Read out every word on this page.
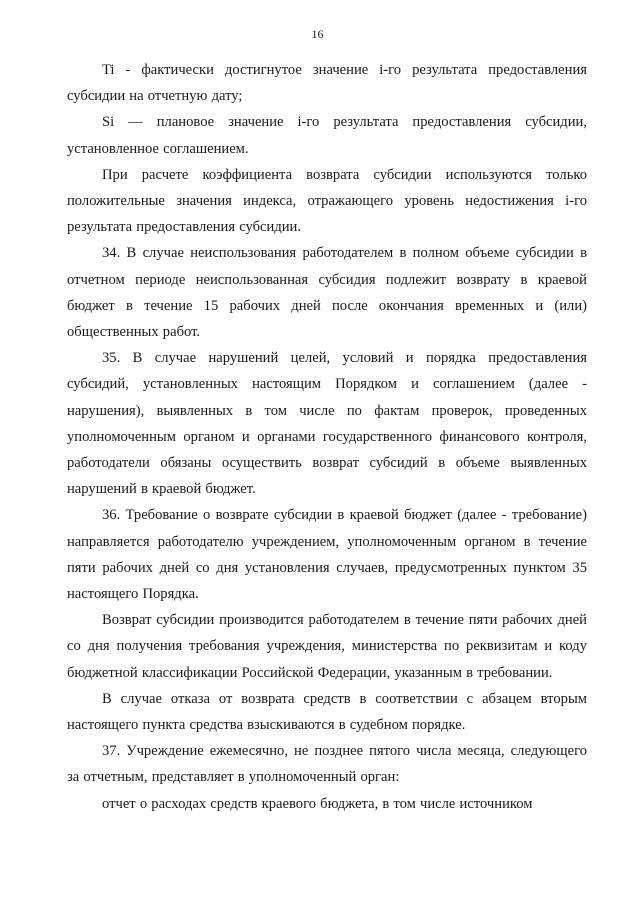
16

Ti - фактически достигнутое значение i-го результата предоставления субсидии на отчетную дату;

Si — плановое значение i-го результата предоставления субсидии, установленное соглашением.

При расчете коэффициента возврата субсидии используются только положительные значения индекса, отражающего уровень недостижения i-го результата предоставления субсидии.

34. В случае неиспользования работодателем в полном объеме субсидии в отчетном периоде неиспользованная субсидия подлежит возврату в краевой бюджет в течение 15 рабочих дней после окончания временных и (или) общественных работ.

35. В случае нарушений целей, условий и порядка предоставления субсидий, установленных настоящим Порядком и соглашением (далее - нарушения), выявленных в том числе по фактам проверок, проведенных уполномоченным органом и органами государственного финансового контроля, работодатели обязаны осуществить возврат субсидий в объеме выявленных нарушений в краевой бюджет.

36. Требование о возврате субсидии в краевой бюджет (далее - требование) направляется работодателю учреждением, уполномоченным органом в течение пяти рабочих дней со дня установления случаев, предусмотренных пунктом 35 настоящего Порядка.

Возврат субсидии производится работодателем в течение пяти рабочих дней со дня получения требования учреждения, министерства по реквизитам и коду бюджетной классификации Российской Федерации, указанным в требовании.

В случае отказа от возврата средств в соответствии с абзацем вторым настоящего пункта средства взыскиваются в судебном порядке.

37. Учреждение ежемесячно, не позднее пятого числа месяца, следующего за отчетным, представляет в уполномоченный орган:

отчет о расходах средств краевого бюджета, в том числе источником
